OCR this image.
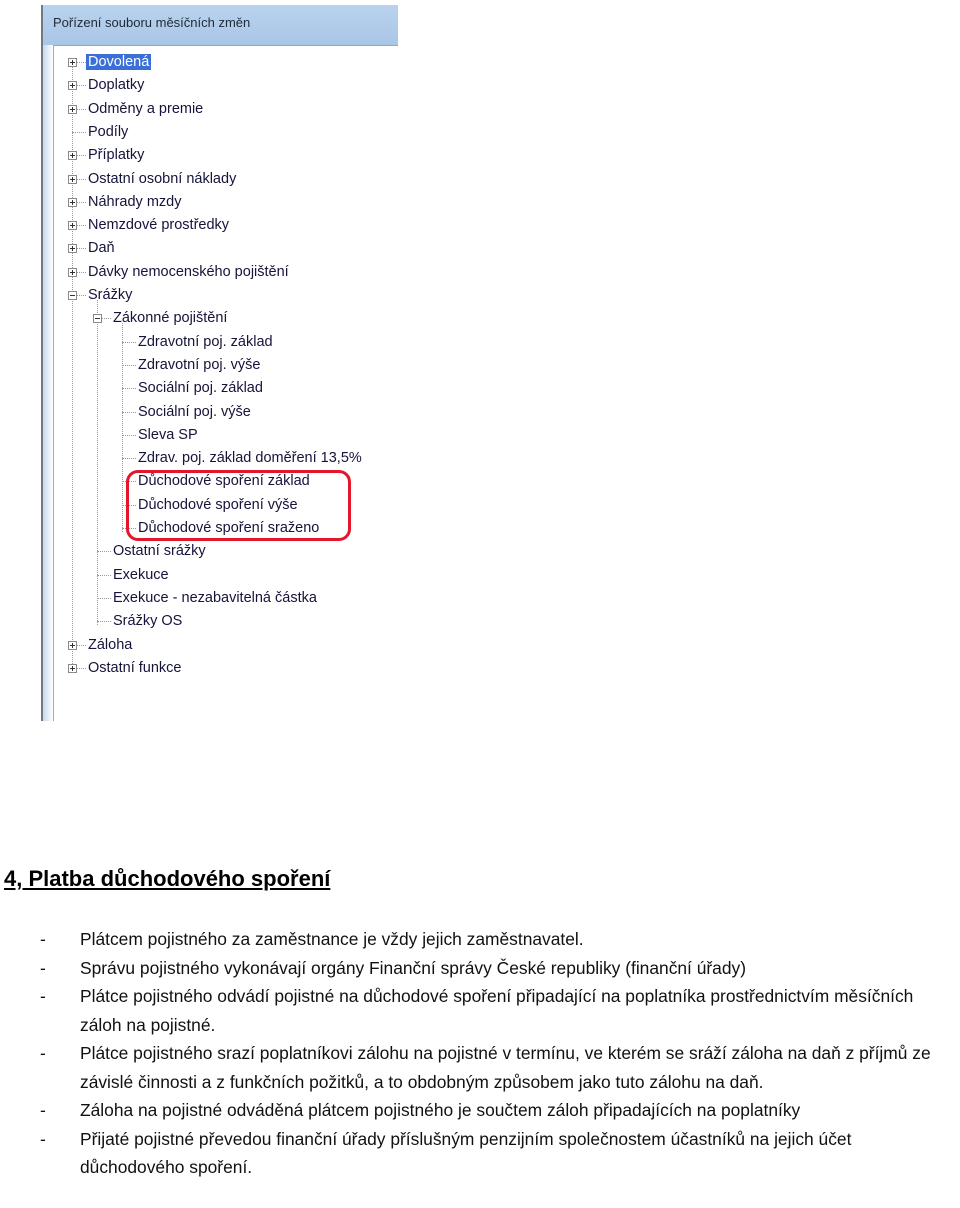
Pořízení souboru měsíčních změn
Dovolená
Doplatky
Odměny a premie
Podíly
Příplatky
Ostatní osobní náklady
Náhrady mzdy
Nemzdové prostředky
Daň
Dávky nemocenského pojištění
Srážky
Zákonné pojištění
Zdravotní poj. základ
Zdravotní poj. výše
Sociální poj. základ
Sociální poj. výše
Sleva SP
Zdrav. poj. základ doměření 13,5%
Důchodové spoření základ
Důchodové spoření výše
Důchodové spoření sraženo
Ostatní srážky
Exekuce
Exekuce - nezabavitelná částka
Srážky OS
Záloha
Ostatní funkce
4, Platba důchodového spoření
- Plátcem pojistného za zaměstnance je vždy jejich zaměstnavatel.
- Správu pojistného vykonávají orgány Finanční správy České republiky (finanční úřady)
- Plátce pojistného odvádí pojistné na důchodové spoření připadající na poplatníka prostřednictvím měsíčních záloh na pojistné.
- Plátce pojistného srazí poplatníkovi zálohu na pojistné v termínu, ve kterém se sráží záloha na daň z příjmů ze závislé činnosti a z funkčních požitků, a to obdobným způsobem jako tuto zálohu na daň.
- Záloha na pojistné odváděná plátcem pojistného je součtem záloh připadajících na poplatníky
- Přijaté pojistné převedou finanční úřady příslušným penzijním společnostem účastníků na jejich účet důchodového spoření.
